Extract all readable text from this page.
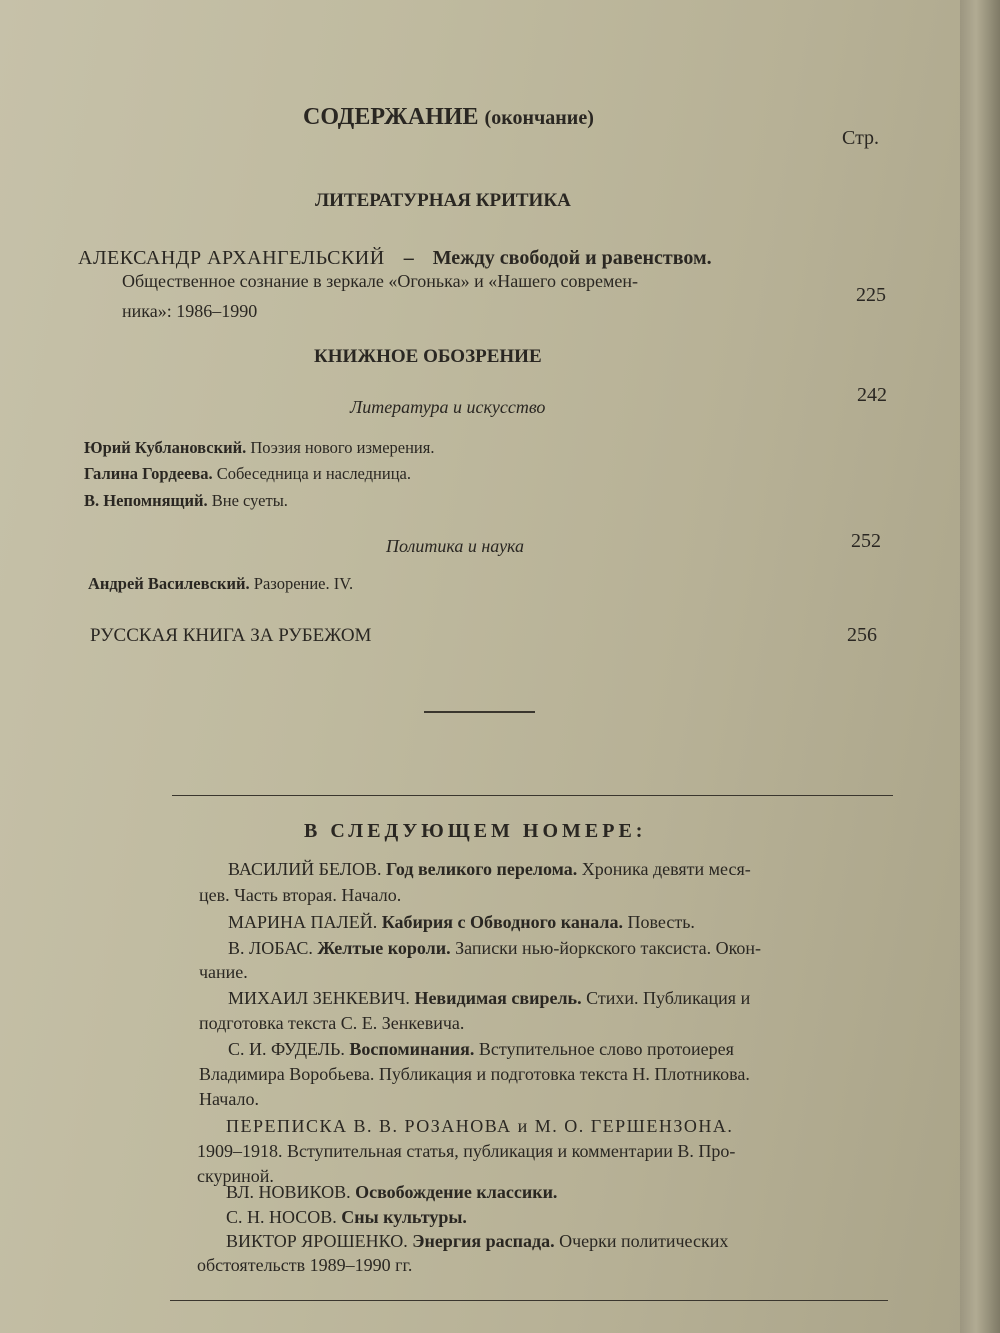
СОДЕРЖАНИЕ (окончание)
Стр.
ЛИТЕРАТУРНАЯ КРИТИКА
АЛЕКСАНДР АРХАНГЕЛЬСКИЙ – Между свободой и равенством.
Общественное сознание в зеркале «Огонька» и «Нашего современ-
ника»: 1986–1990
225
КНИЖНОЕ ОБОЗРЕНИЕ
Литература и искусство
242
Юрий Кублановский. Поэзия нового измерения.
Галина Гордеева. Собеседница и наследница.
В. Непомнящий. Вне суеты.
Политика и наука	252
Андрей Василевский. Разорение. IV.
РУССКАЯ КНИГА ЗА РУБЕЖОМ	256
В СЛЕДУЮЩЕМ НОМЕРЕ:
ВАСИЛИЙ БЕЛОВ. Год великого перелома. Хроника девяти меся-
цев. Часть вторая. Начало.
МАРИНА ПАЛЕЙ. Кабирия с Обводного канала. Повесть.
В. ЛОБАС. Желтые короли. Записки нью-йоркского таксиста. Окон-
чание.
МИХАИЛ ЗЕНКЕВИЧ. Невидимая свирель. Стихи. Публикация и
подготовка текста С. Е. Зенкевича.
С. И. ФУДЕЛЬ. Воспоминания. Вступительное слово протоиерея
Владимира Воробьева. Публикация и подготовка текста Н. Плотникова.
Начало.
ПЕРЕПИСКА В. В. РОЗАНОВА и М. О. ГЕРШЕНЗОНА.
1909–1918. Вступительная статья, публикация и комментарии В. Про-
скуриной.
ВЛ. НОВИКОВ. Освобождение классики.
С. Н. НОСОВ. Сны культуры.
ВИКТОР ЯРОШЕНКО. Энергия распада. Очерки политических
обстоятельств 1989–1990 гг.
